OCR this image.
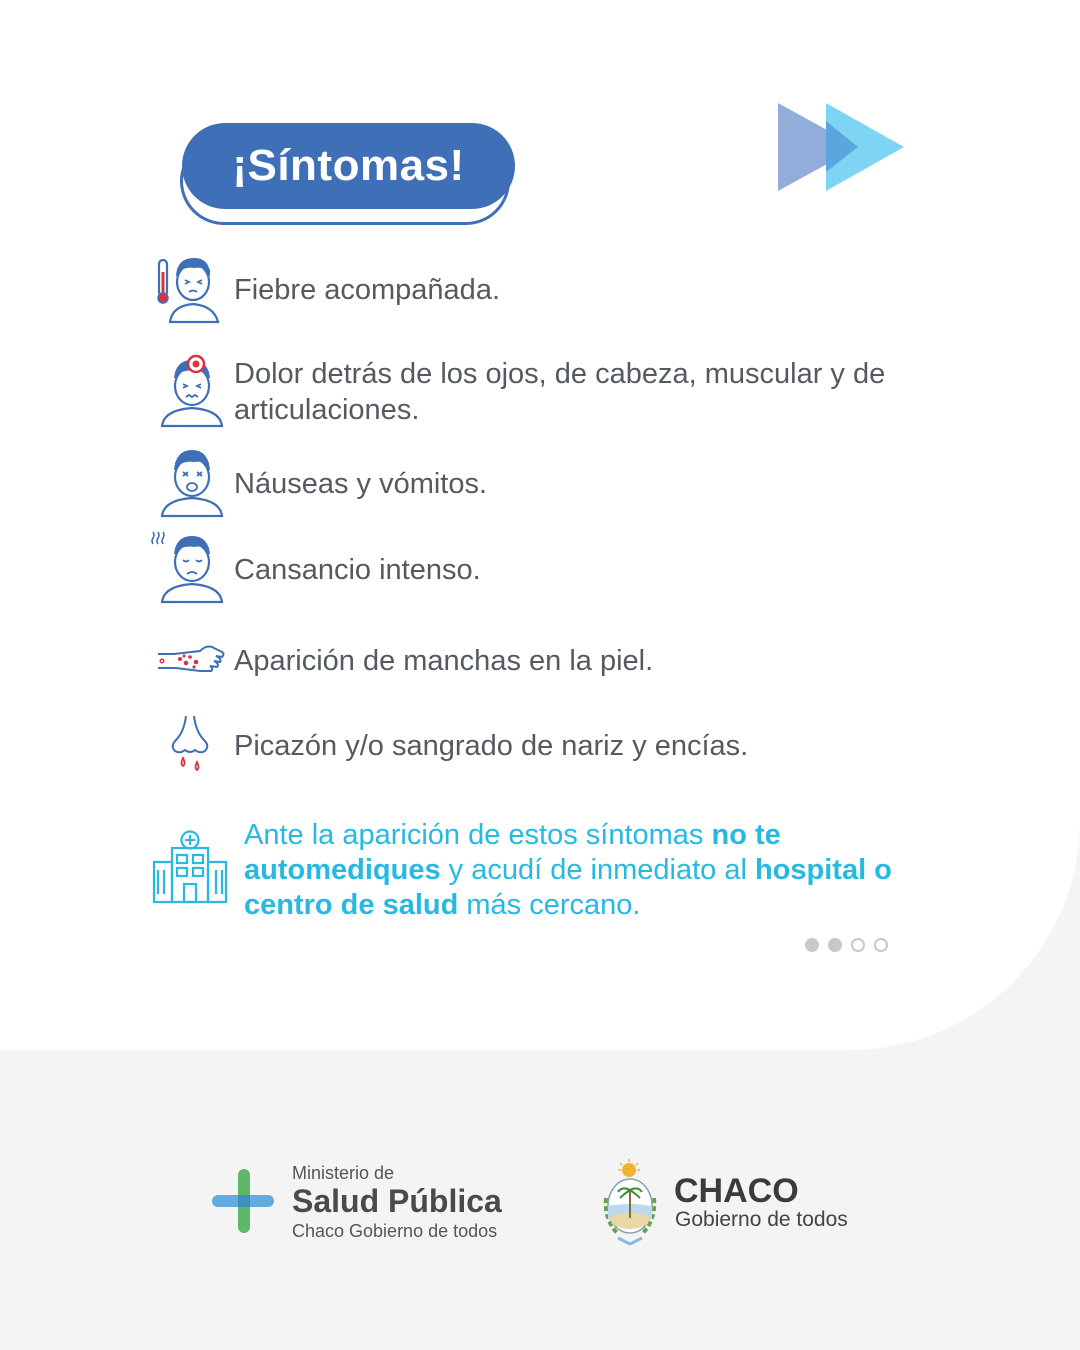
¡Síntomas!
Fiebre acompañada.
Dolor detrás de los ojos, de cabeza, muscular y de articulaciones.
Náuseas y vómitos.
Cansancio intenso.
Aparición de manchas en la piel.
Picazón y/o sangrado de nariz y encías.
Ante la aparición de estos síntomas no te automediques y acudí de inmediato al hospital o centro de salud más cercano.
Ministerio de
Salud Pública
Chaco Gobierno de todos
CHACO
Gobierno de todos
